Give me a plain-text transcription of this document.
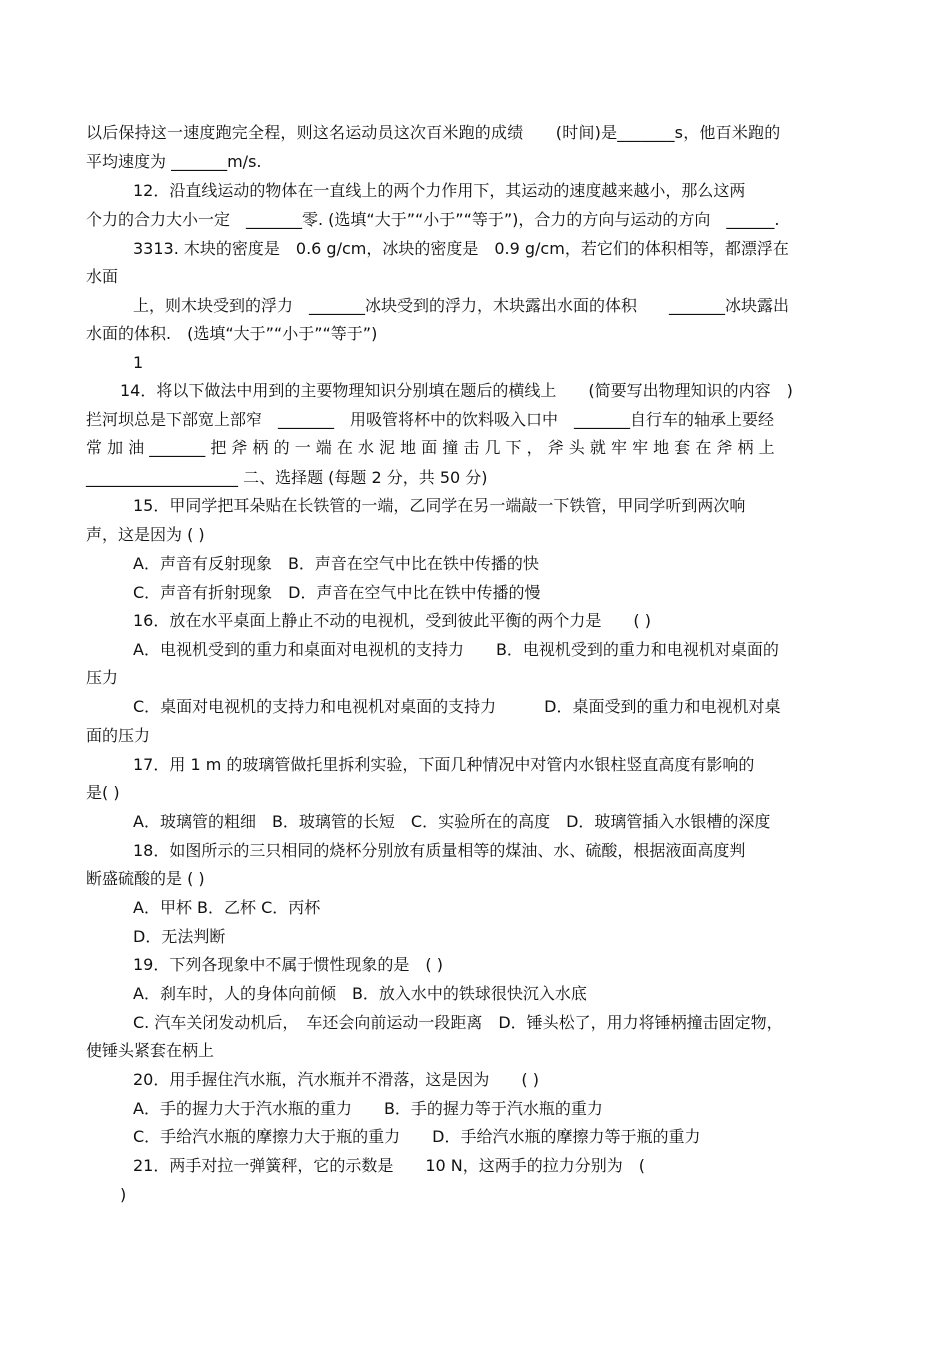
以后保持这一速度跑完全程，则这名运动员这次百米跑的成绩　　(时间)是_______s，他百米跑的
平均速度为 _______m/s.
12．沿直线运动的物体在一直线上的两个力作用下，其运动的速度越来越小，那么这两
个力的合力大小一定　_______零. (选填“大于”“小于”“等于”)，合力的方向与运动的方向　______.
3313. 木块的密度是　0.6 g/cm，冰块的密度是　0.9 g/cm，若它们的体积相等，都漂浮在
水面
上，则木块受到的浮力　_______冰块受到的浮力，木块露出水面的体积　　_______冰块露出
水面的体积.　(选填“大于”“小于”“等于”)
1
14．将以下做法中用到的主要物理知识分别填在题后的横线上　　(简要写出物理知识的内容　)
拦河坝总是下部宽上部窄　_______　用吸管将杯中的饮料吸入口中　_______自行车的轴承上要经
常 加 油 _______ 把 斧 柄 的 一 端 在 水 泥 地 面 撞 击 几 下 ， 斧 头 就 牢 牢 地 套 在 斧 柄 上
___________________ 二、选择题 (每题 2 分，共 50 分)
15．甲同学把耳朵贴在长铁管的一端，乙同学在另一端敲一下铁管，甲同学听到两次响
声，这是因为 ( )
A．声音有反射现象　B．声音在空气中比在铁中传播的快
C．声音有折射现象　D．声音在空气中比在铁中传播的慢
16．放在水平桌面上静止不动的电视机，受到彼此平衡的两个力是　　( )
A．电视机受到的重力和桌面对电视机的支持力　　B．电视机受到的重力和电视机对桌面的
压力
C．桌面对电视机的支持力和电视机对桌面的支持力　　　D．桌面受到的重力和电视机对桌
面的压力
17．用 1 m 的玻璃管做托里拆利实验，下面几种情况中对管内水银柱竖直高度有影响的
是( )
A．玻璃管的粗细　B．玻璃管的长短　C．实验所在的高度　D．玻璃管插入水银槽的深度
18．如图所示的三只相同的烧杯分别放有质量相等的煤油、水、硫酸，根据液面高度判
断盛硫酸的是 ( )
A．甲杯 B．乙杯 C．丙杯
D．无法判断
19．下列各现象中不属于惯性现象的是　( )
A．刹车时，人的身体向前倾　B．放入水中的铁球很快沉入水底
C. 汽车关闭发动机后，　车还会向前运动一段距离　D．锤头松了，用力将锤柄撞击固定物，
使锤头紧套在柄上
20．用手握住汽水瓶，汽水瓶并不滑落，这是因为　　( )
A．手的握力大于汽水瓶的重力　　B．手的握力等于汽水瓶的重力
C．手给汽水瓶的摩擦力大于瓶的重力　　D．手给汽水瓶的摩擦力等于瓶的重力
21．两手对拉一弹簧秤，它的示数是　　10 N，这两手的拉力分别为　(
)
